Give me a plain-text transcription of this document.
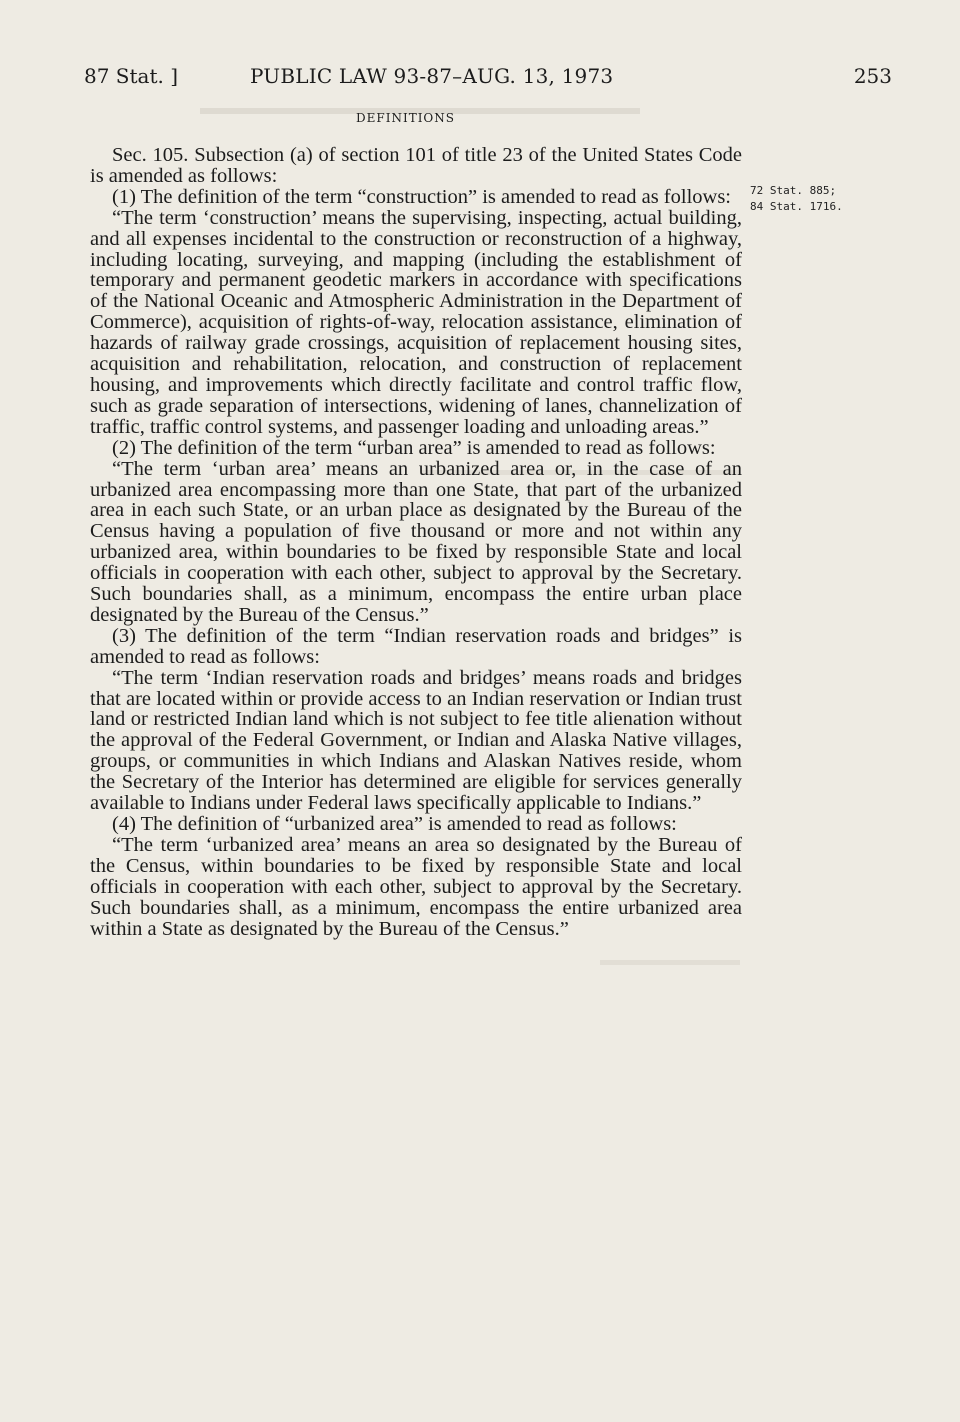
87 Stat. ]	PUBLIC LAW 93-87–AUG. 13, 1973	253
DEFINITIONS
72 Stat. 885;
84 Stat. 1716.

Sec. 105. Subsection (a) of section 101 of title 23 of the United States Code is amended as follows:

(1) The definition of the term “construction” is amended to read as follows:

“The term ‘construction’ means the supervising, inspecting, actual building, and all expenses incidental to the construction or reconstruction of a highway, including locating, surveying, and mapping (including the establishment of temporary and permanent geodetic markers in accordance with specifications of the National Oceanic and Atmospheric Administration in the Department of Commerce), acquisition of rights-of-way, relocation assistance, elimination of hazards of railway grade crossings, acquisition of replacement housing sites, acquisition and rehabilitation, relocation, and construction of replacement housing, and improvements which directly facilitate and control traffic flow, such as grade separation of intersections, widening of lanes, channelization of traffic, traffic control systems, and passenger loading and unloading areas.”

(2) The definition of the term “urban area” is amended to read as follows:

“The term ‘urban area’ means an urbanized area or, in the case of an urbanized area encompassing more than one State, that part of the urbanized area in each such State, or an urban place as designated by the Bureau of the Census having a population of five thousand or more and not within any urbanized area, within boundaries to be fixed by responsible State and local officials in cooperation with each other, subject to approval by the Secretary. Such boundaries shall, as a minimum, encompass the entire urban place designated by the Bureau of the Census.”

(3) The definition of the term “Indian reservation roads and bridges” is amended to read as follows:

“The term ‘Indian reservation roads and bridges’ means roads and bridges that are located within or provide access to an Indian reservation or Indian trust land or restricted Indian land which is not subject to fee title alienation without the approval of the Federal Government, or Indian and Alaska Native villages, groups, or communities in which Indians and Alaskan Natives reside, whom the Secretary of the Interior has determined are eligible for services generally available to Indians under Federal laws specifically applicable to Indians.”

(4) The definition of “urbanized area” is amended to read as follows:

“The term ‘urbanized area’ means an area so designated by the Bureau of the Census, within boundaries to be fixed by responsible State and local officials in cooperation with each other, subject to approval by the Secretary. Such boundaries shall, as a minimum, encompass the entire urbanized area within a State as designated by the Bureau of the Census.”
